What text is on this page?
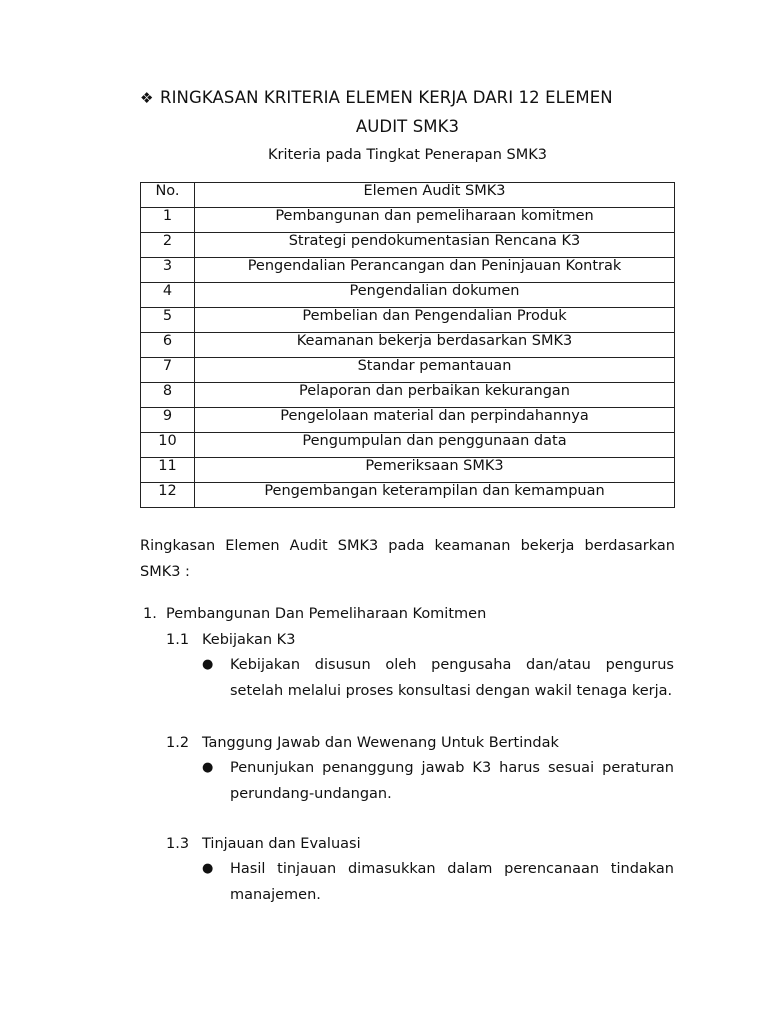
❖ RINGKASAN KRITERIA ELEMEN KERJA DARI 12 ELEMEN
AUDIT SMK3
Kriteria pada Tingkat Penerapan SMK3
No.	Elemen Audit SMK3
1	Pembangunan dan pemeliharaan komitmen
2	Strategi pendokumentasian Rencana K3
3	Pengendalian Perancangan dan Peninjauan Kontrak
4	Pengendalian dokumen
5	Pembelian dan Pengendalian Produk
6	Keamanan bekerja berdasarkan SMK3
7	Standar pemantauan
8	Pelaporan dan perbaikan kekurangan
9	Pengelolaan material dan perpindahannya
10	Pengumpulan dan penggunaan data
11	Pemeriksaan SMK3
12	Pengembangan keterampilan dan kemampuan
Ringkasan Elemen Audit SMK3 pada keamanan bekerja berdasarkan SMK3 :
1. Pembangunan Dan Pemeliharaan Komitmen
1.1 Kebijakan K3
●	Kebijakan disusun oleh pengusaha dan/atau pengurus setelah melalui proses konsultasi dengan wakil tenaga kerja.
1.2 Tanggung Jawab dan Wewenang Untuk Bertindak
●	Penunjukan penanggung jawab K3 harus sesuai peraturan perundang-undangan.
1.3 Tinjauan dan Evaluasi
●	Hasil tinjauan dimasukkan dalam perencanaan tindakan manajemen.
